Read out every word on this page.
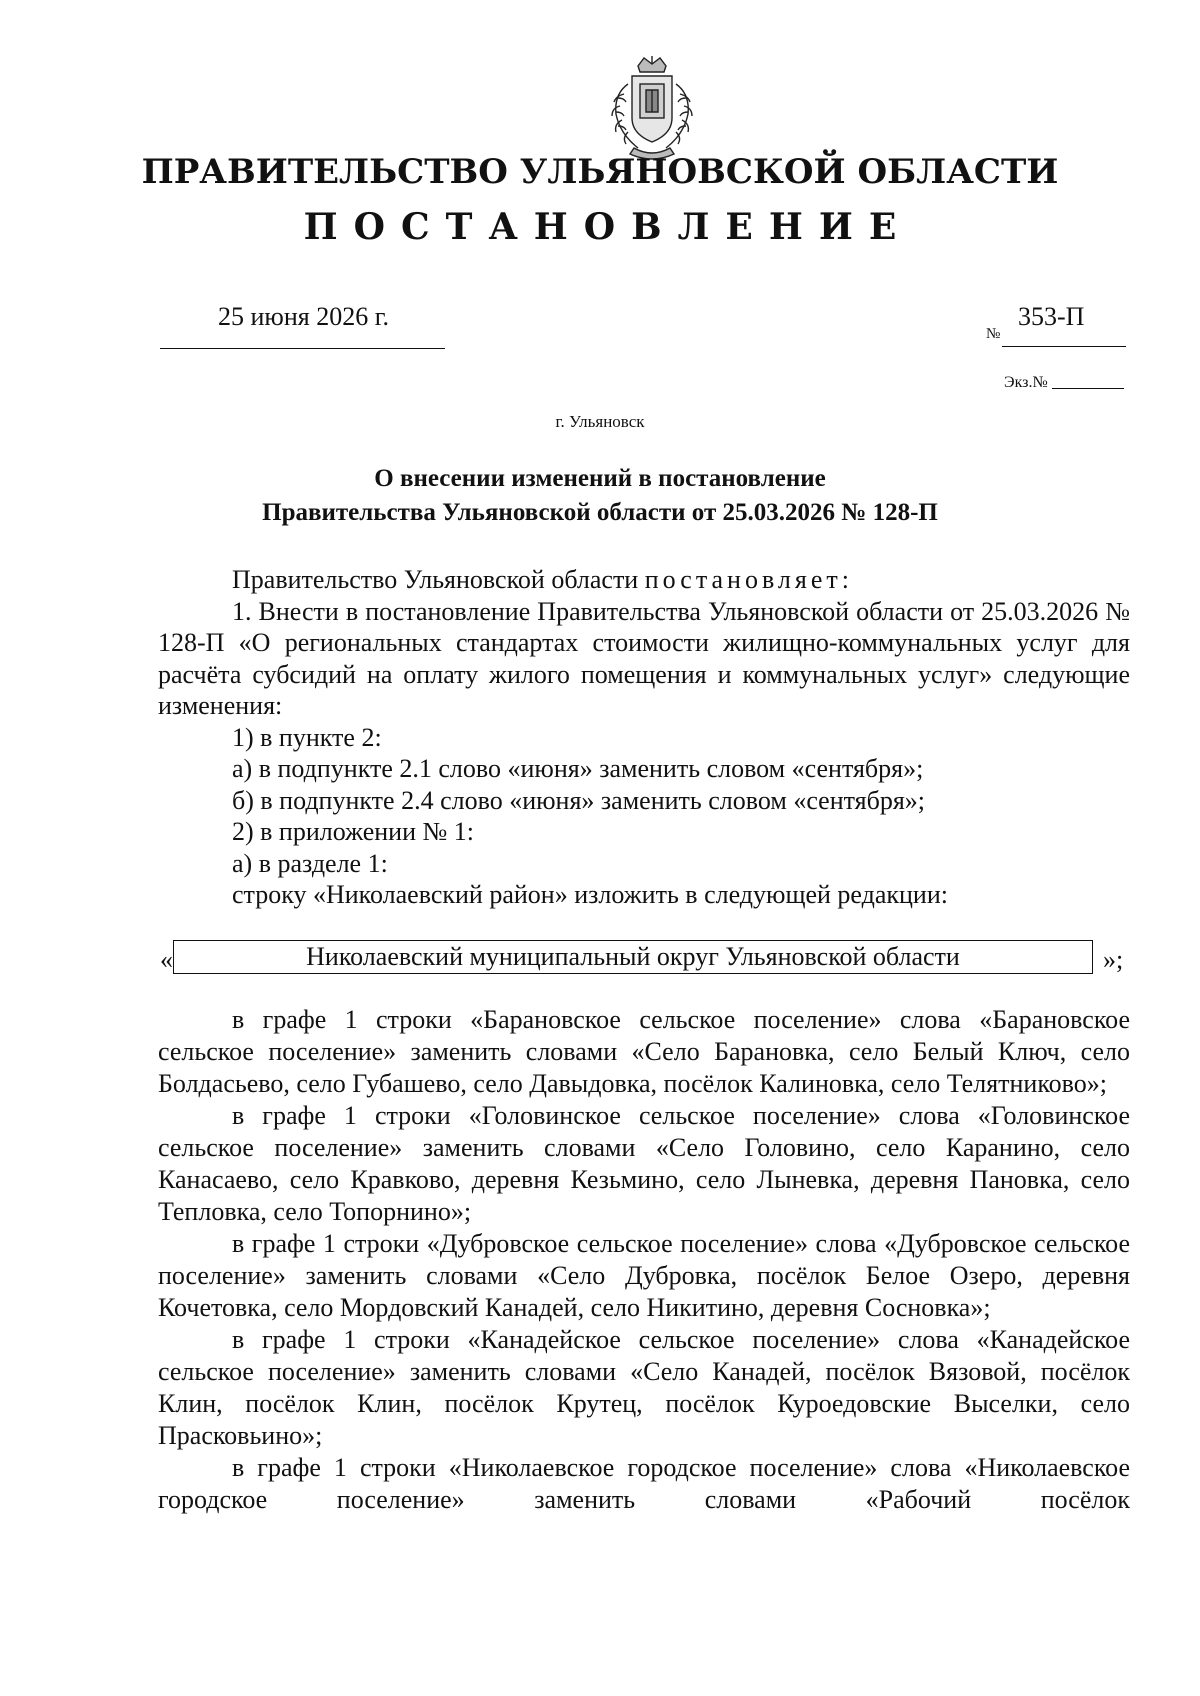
ПРАВИТЕЛЬСТВО УЛЬЯНОВСКОЙ ОБЛАСТИ
ПОСТАНОВЛЕНИЕ
25 июня 2026 г.
№
353-П
Экз.№
г. Ульяновск
О внесении изменений в постановление
Правительства Ульяновской области от 25.03.2026 № 128-П

Правительство Ульяновской области постановляет:

1. Внести в постановление Правительства Ульяновской области от 25.03.2026 № 128-П «О региональных стандартах стоимости жилищно-коммунальных услуг для расчёта субсидий на оплату жилого помещения и коммунальных услуг» следующие изменения:

1) в пункте 2:

а) в подпункте 2.1 слово «июня» заменить словом «сентября»;

б) в подпункте 2.4 слово «июня» заменить словом «сентября»;

2) в приложении № 1:

а) в разделе 1:

строку «Николаевский район» изложить в следующей редакции:

«	Николаевский муниципальный округ Ульяновской области	»;

в графе 1 строки «Барановское сельское поселение» слова «Барановское сельское поселение» заменить словами «Село Барановка, село Белый Ключ, село Болдасьево, село Губашево, село Давыдовка, посёлок Калиновка, село Телятниково»;

в графе 1 строки «Головинское сельское поселение» слова «Головинское сельское поселение» заменить словами «Село Головино, село Каранино, село Канасаево, село Кравково, деревня Кезьмино, село Лыневка, деревня Пановка, село Тепловка, село Топорнино»;

в графе 1 строки «Дубровское сельское поселение» слова «Дубровское сельское поселение» заменить словами «Село Дубровка, посёлок Белое Озеро, деревня Кочетовка, село Мордовский Канадей, село Никитино, деревня Сосновка»;

в графе 1 строки «Канадейское сельское поселение» слова «Канадейское сельское поселение» заменить словами «Село Канадей, посёлок Вязовой, посёлок Клин, посёлок Клин, посёлок Крутец, посёлок Куроедовские Выселки, село Прасковьино»;

в графе 1 строки «Николаевское городское поселение» слова «Николаевское городское поселение» заменить словами «Рабочий посёлок
